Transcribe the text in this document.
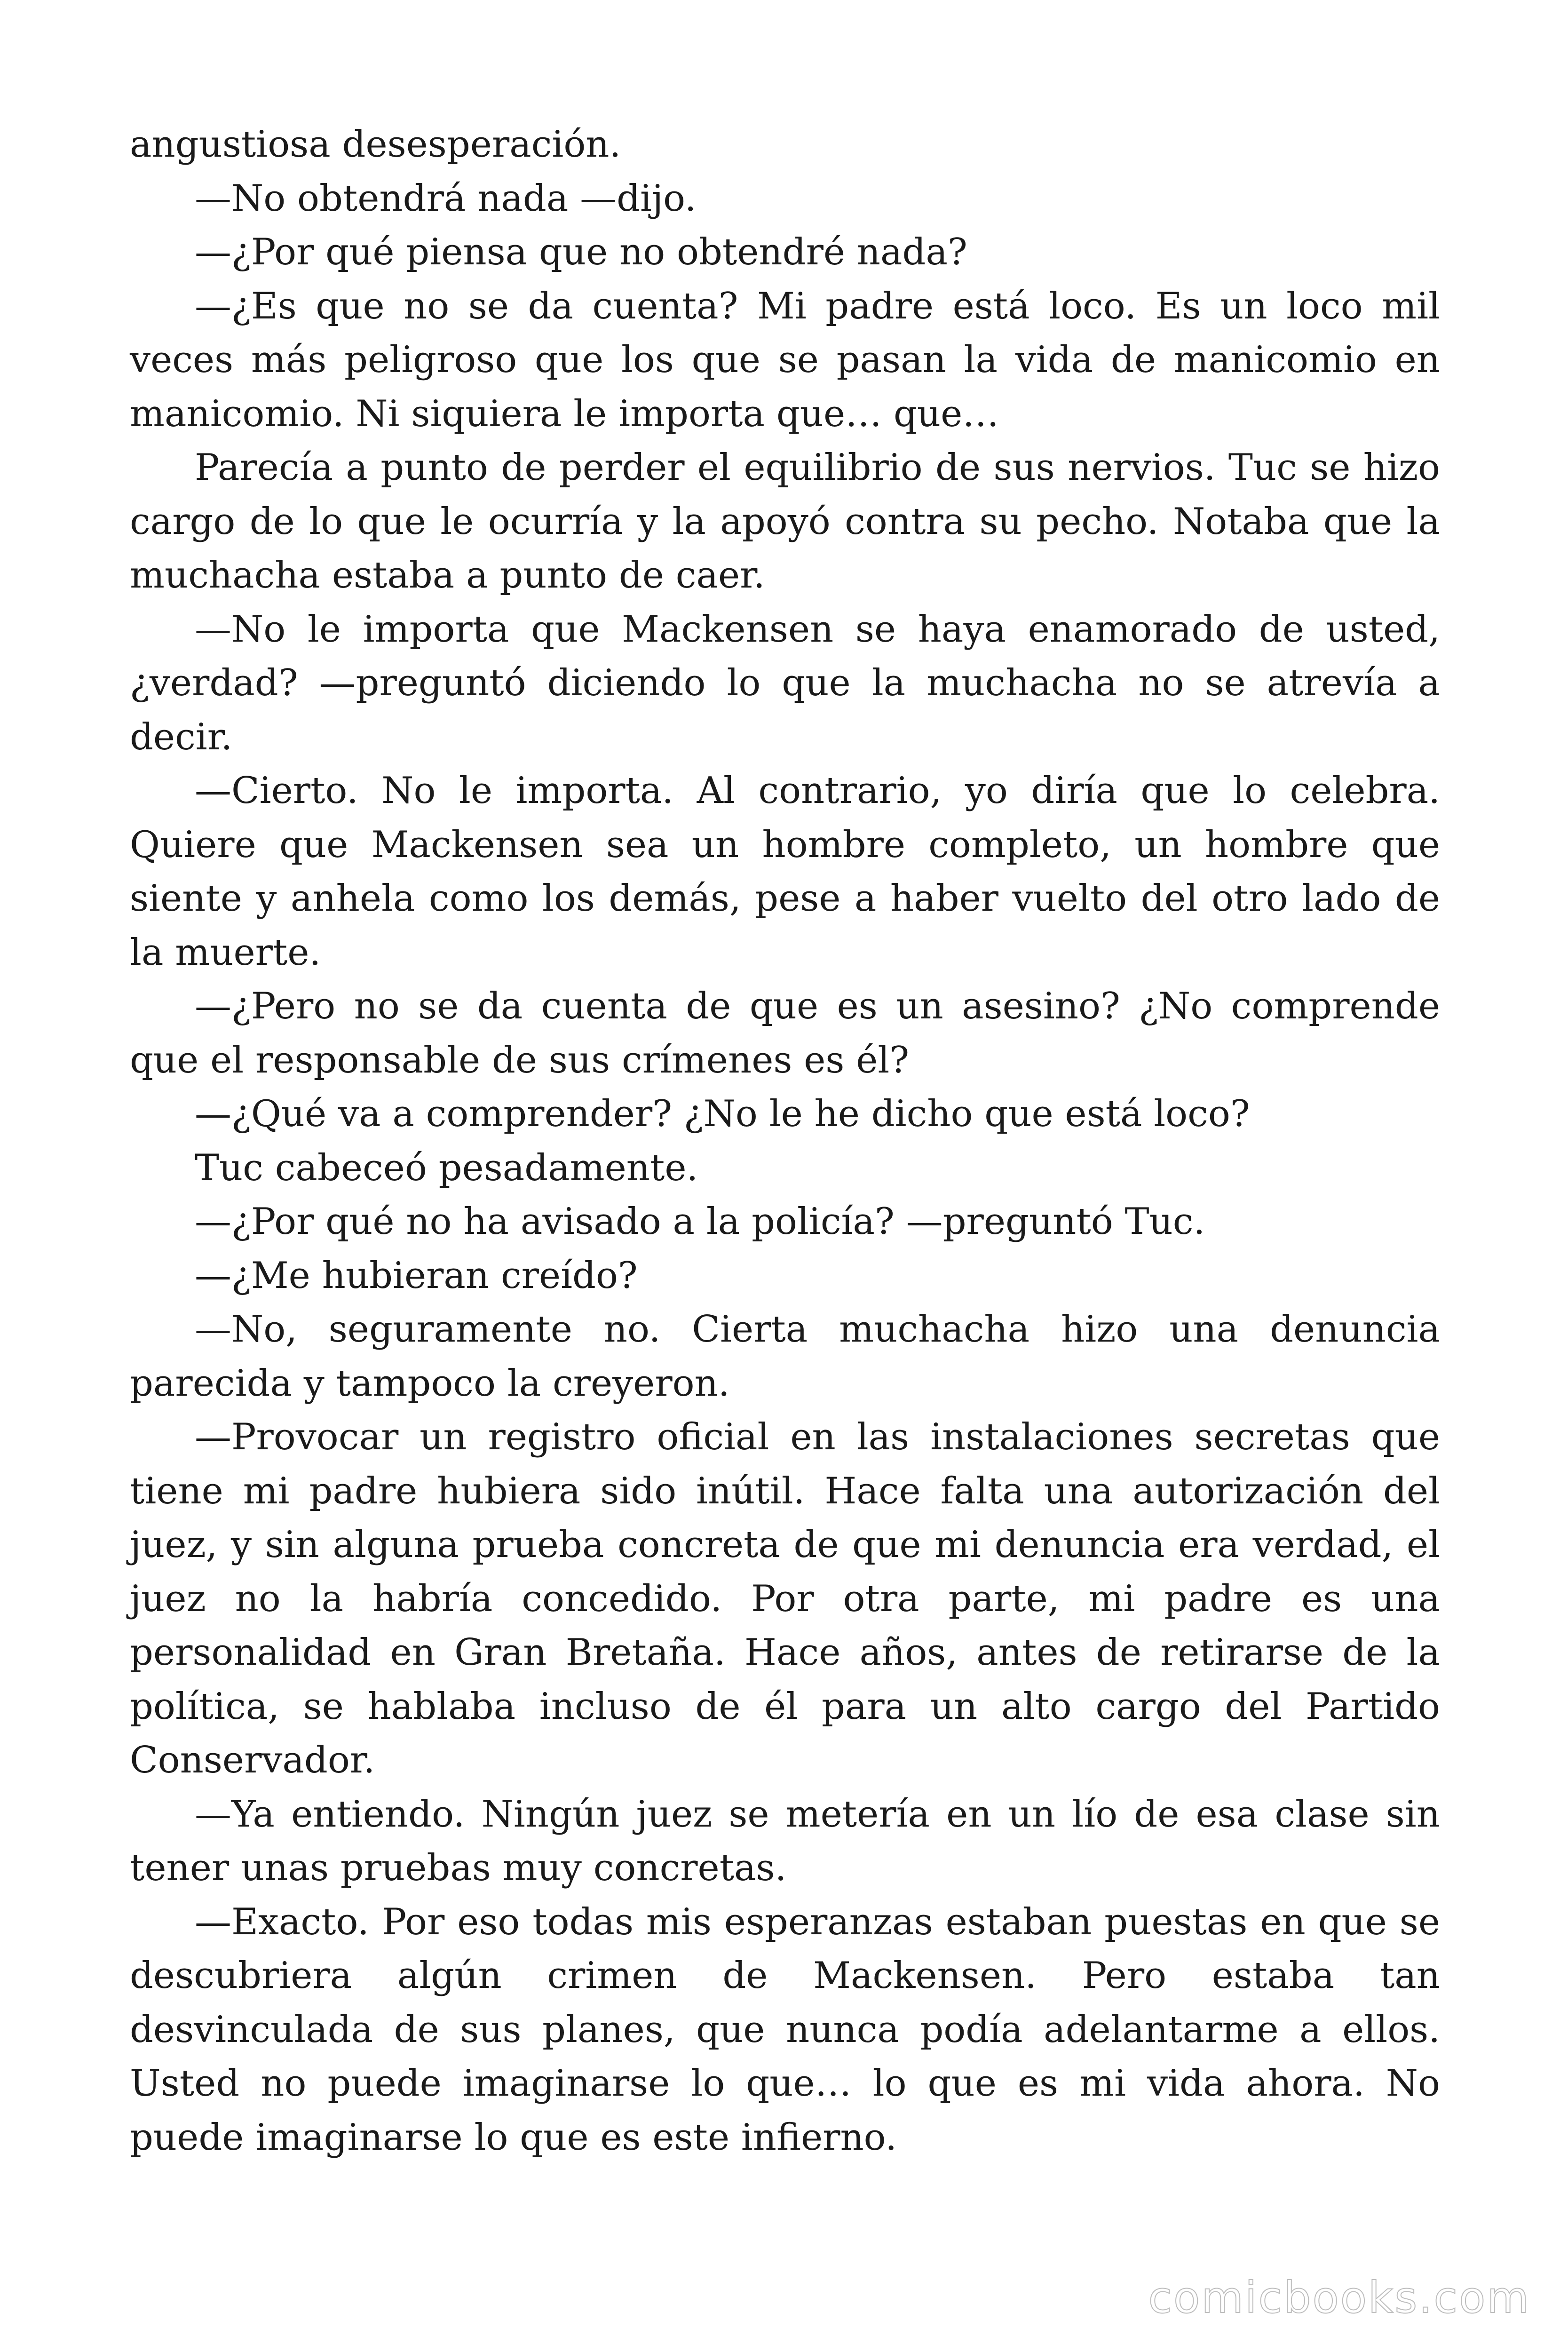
angustiosa desesperación.

—No obtendrá nada —dijo.

—¿Por qué piensa que no obtendré nada?

—¿Es que no se da cuenta? Mi padre está loco. Es un loco mil veces más peligroso que los que se pasan la vida de manicomio en manicomio. Ni siquiera le importa que… que…

Parecía a punto de perder el equilibrio de sus nervios. Tuc se hizo cargo de lo que le ocurría y la apoyó contra su pecho. Notaba que la muchacha estaba a punto de caer.

—No le importa que Mackensen se haya enamorado de usted, ¿verdad? —preguntó diciendo lo que la muchacha no se atrevía a decir.

—Cierto. No le importa. Al contrario, yo diría que lo celebra. Quiere que Mackensen sea un hombre completo, un hombre que siente y anhela como los demás, pese a haber vuelto del otro lado de la muerte.

—¿Pero no se da cuenta de que es un asesino? ¿No comprende que el responsable de sus crímenes es él?

—¿Qué va a comprender? ¿No le he dicho que está loco?

Tuc cabeceó pesadamente.

—¿Por qué no ha avisado a la policía? —preguntó Tuc.

—¿Me hubieran creído?

—No, seguramente no. Cierta muchacha hizo una denuncia parecida y tampoco la creyeron.

—Provocar un registro oficial en las instalaciones secretas que tiene mi padre hubiera sido inútil. Hace falta una autorización del juez, y sin alguna prueba concreta de que mi denuncia era verdad, el juez no la habría concedido. Por otra parte, mi padre es una personalidad en Gran Bretaña. Hace años, antes de retirarse de la política, se hablaba incluso de él para un alto cargo del Partido Conservador.

—Ya entiendo. Ningún juez se metería en un lío de esa clase sin tener unas pruebas muy concretas.

—Exacto. Por eso todas mis esperanzas estaban puestas en que se descubriera algún crimen de Mackensen. Pero estaba tan desvinculada de sus planes, que nunca podía adelantarme a ellos. Usted no puede imaginarse lo que… lo que es mi vida ahora. No puede imaginarse lo que es este infierno.

comicbooks.com
